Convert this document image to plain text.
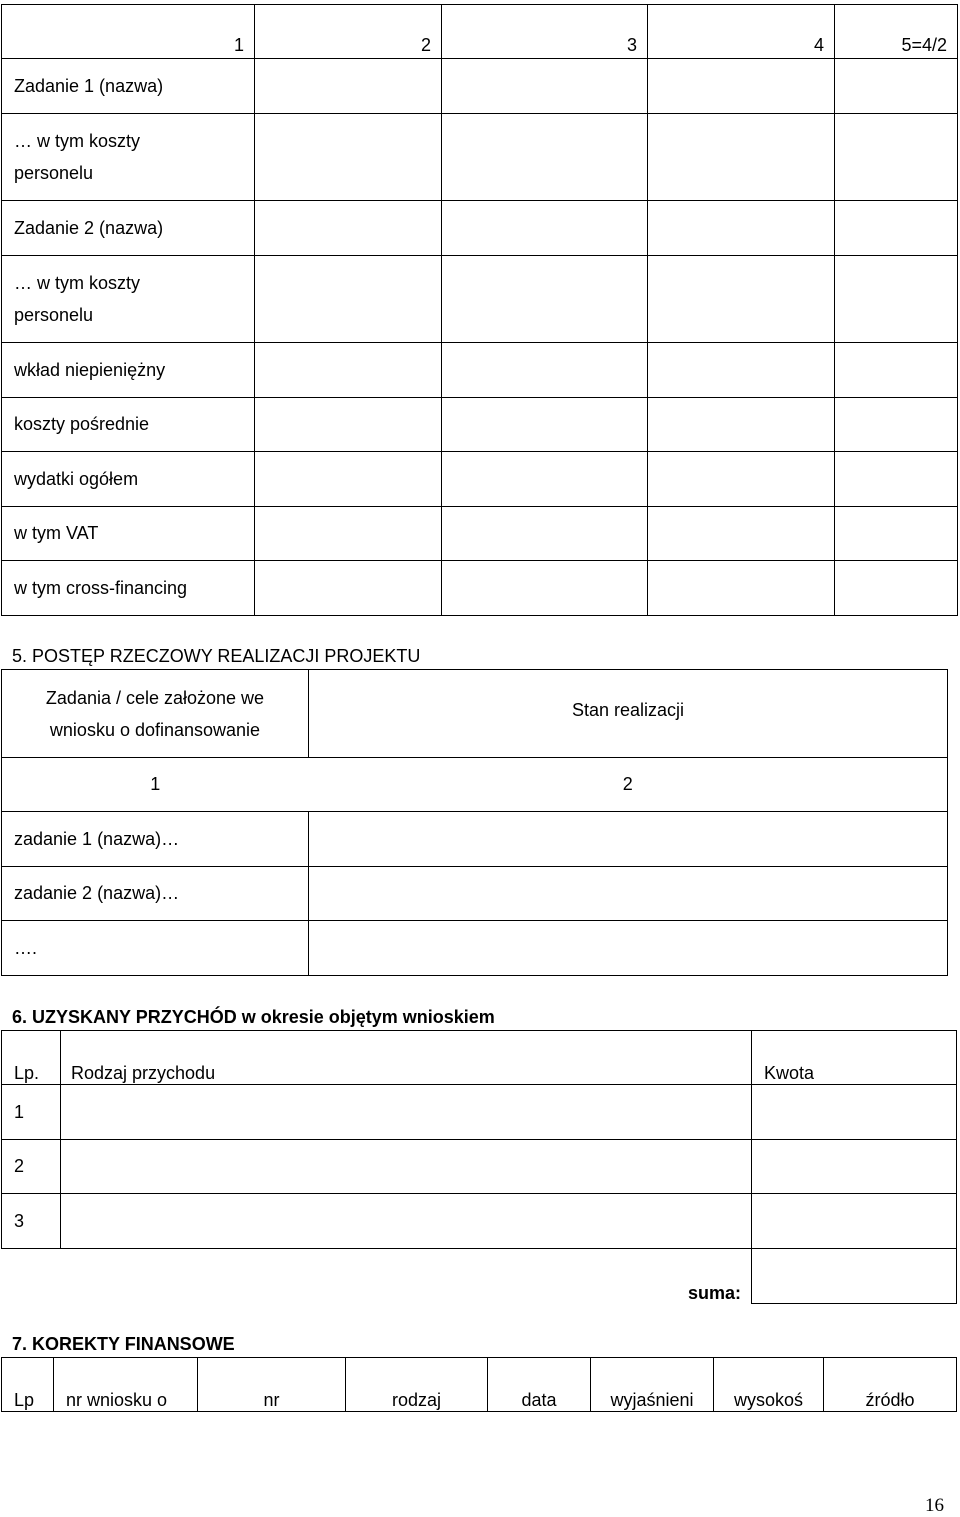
1	2	3	4	5=4/2
Zadanie 1 (nazwa)				

… w tym koszty
personelu				

Zadanie 2 (nazwa)				

… w tym koszty
personelu				

wkład niepieniężny				
koszty pośrednie				
wydatki ogółem				
w tym VAT				
w tym cross-financing				
5. POSTĘP RZECZOWY REALIZACJI PROJEKTU
Zadania / cele założone we
wniosku o dofinansowanie	Stan realizacji
1	2
zadanie 1 (nazwa)…	
zadanie 2 (nazwa)…	
….	
6. UZYSKANY PRZYCHÓD w okresie objętym wnioskiem
Lp.	Rodzaj przychodu	Kwota
1		
2		
3		
	suma:	
7. KOREKTY FINANSOWE
Lp	nr wniosku o	nr	rodzaj	data	wyjaśnieni	wysokoś	źródło
16
